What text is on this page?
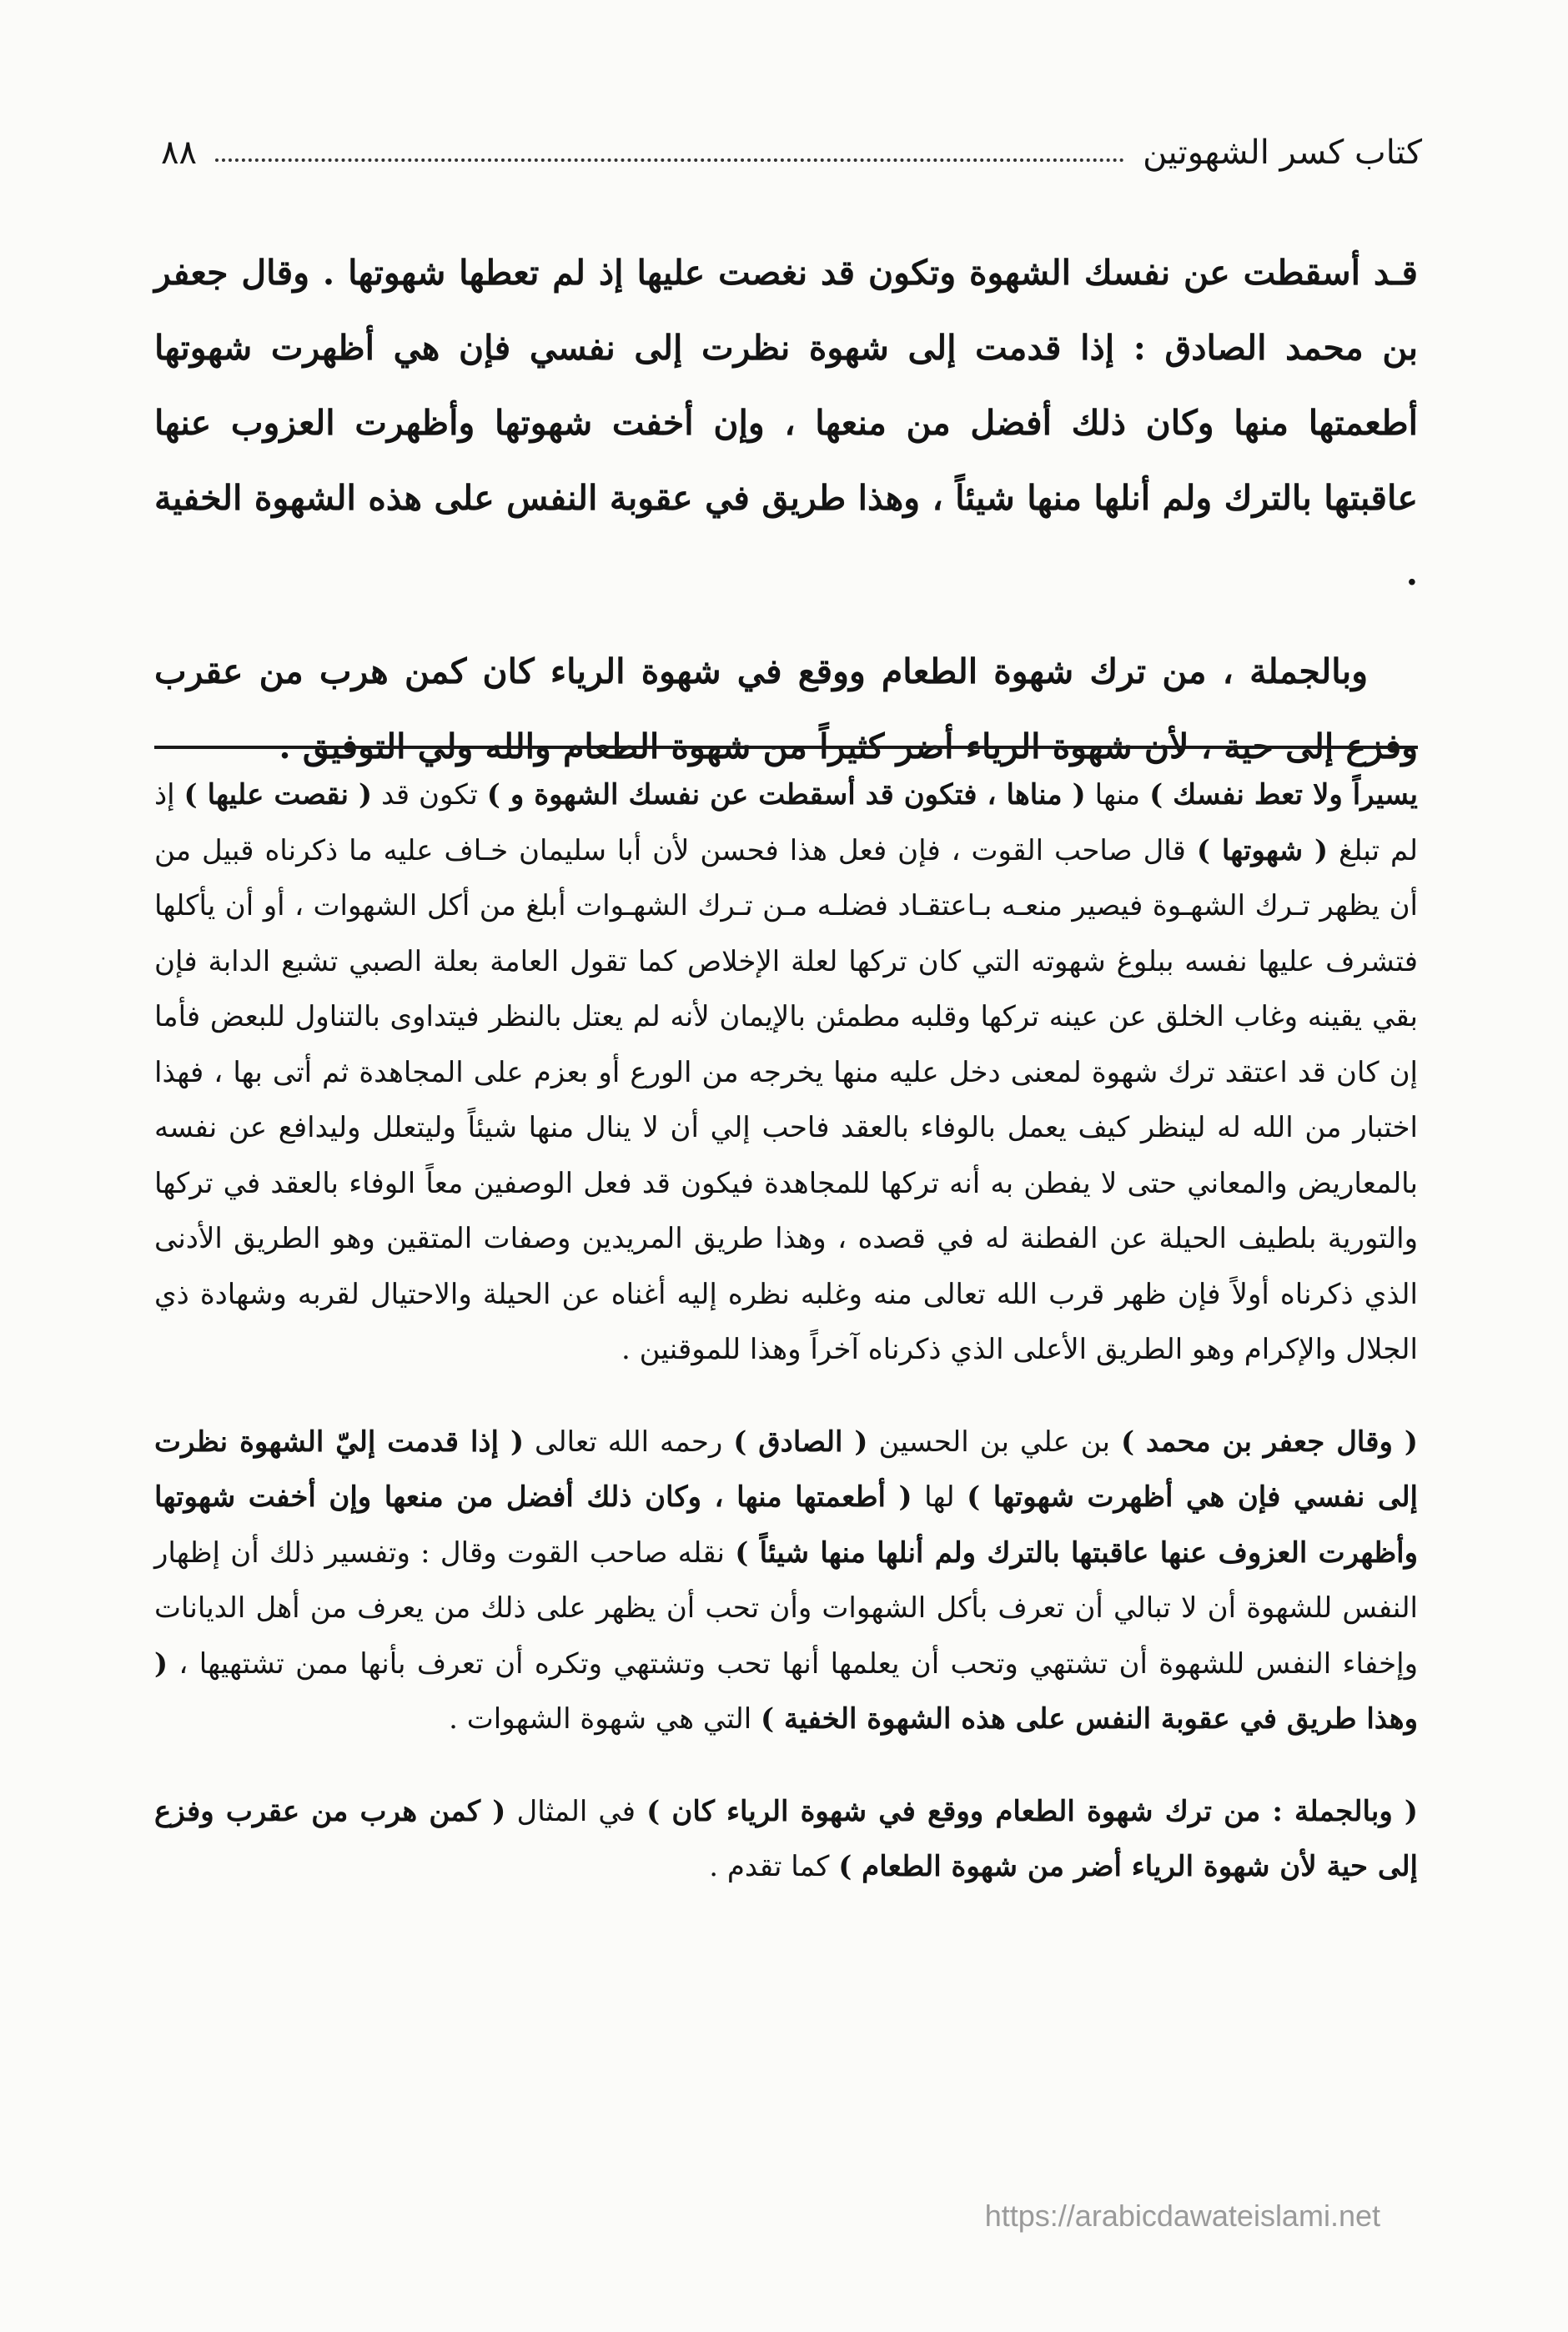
٨٨	كتاب كسر الشهوتين

قـد أسقطت عن نفسك الشهوة وتكون قد نغصت عليها إذ لم تعطها شهوتها . وقال جعفر بن محمد الصادق : إذا قدمت إلى شهوة نظرت إلى نفسي فإن هي أظهرت شهوتها أطعمتها منها وكان ذلك أفضل من منعها ، وإن أخفت شهوتها وأظهرت العزوب عنها عاقبتها بالترك ولم أنلها منها شيئاً ، وهذا طريق في عقوبة النفس على هذه الشهوة الخفية .

وبالجملة ، من ترك شهوة الطعام ووقع في شهوة الرياء كان كمن هرب من عقرب وفزع إلى حية ، لأن شهوة الرياء أضر كثيراً من شهوة الطعام والله ولي التوفيق .

يسيراً ولا تعط نفسك ) منها ( مناها ، فتكون قد أسقطت عن نفسك الشهوة و ) تكون قد ( نقصت عليها ) إذ لم تبلغ ( شهوتها ) قال صاحب القوت ، فإن فعل هذا فحسن لأن أبا سليمان خـاف عليه ما ذكرناه قبيل من أن يظهر تـرك الشهـوة فيصير منعـه بـاعتقـاد فضلـه مـن تـرك الشهـوات أبلغ من أكل الشهوات ، أو أن يأكلها فتشرف عليها نفسه ببلوغ شهوته التي كان تركها لعلة الإخلاص كما تقول العامة بعلة الصبي تشبع الدابة فإن بقي يقينه وغاب الخلق عن عينه تركها وقلبه مطمئن بالإيمان لأنه لم يعتل بالنظر فيتداوى بالتناول للبعض فأما إن كان قد اعتقد ترك شهوة لمعنى دخل عليه منها يخرجه من الورع أو بعزم على المجاهدة ثم أتى بها ، فهذا اختبار من الله له لينظر كيف يعمل بالوفاء بالعقد فاحب إلي أن لا ينال منها شيئاً وليتعلل وليدافع عن نفسه بالمعاريض والمعاني حتى لا يفطن به أنه تركها للمجاهدة فيكون قد فعل الوصفين معاً الوفاء بالعقد في تركها والتورية بلطيف الحيلة عن الفطنة له في قصده ، وهذا طريق المريدين وصفات المتقين وهو الطريق الأدنى الذي ذكرناه أولاً فإن ظهر قرب الله تعالى منه وغلبه نظره إليه أغناه عن الحيلة والاحتيال لقربه وشهادة ذي الجلال والإكرام وهو الطريق الأعلى الذي ذكرناه آخراً وهذا للموقنين .

( وقال جعفر بن محمد ) بن علي بن الحسين ( الصادق ) رحمه الله تعالى ( إذا قدمت إليّ الشهوة نظرت إلى نفسي فإن هي أظهرت شهوتها ) لها ( أطعمتها منها ، وكان ذلك أفضل من منعها وإن أخفت شهوتها وأظهرت العزوف عنها عاقبتها بالترك ولم أنلها منها شيئاً ) نقله صاحب القوت وقال : وتفسير ذلك أن إظهار النفس للشهوة أن لا تبالي أن تعرف بأكل الشهوات وأن تحب أن يظهر على ذلك من يعرف من أهل الديانات وإخفاء النفس للشهوة أن تشتهي وتحب أن يعلمها أنها تحب وتشتهي وتكره أن تعرف بأنها ممن تشتهيها ، ( وهذا طريق في عقوبة النفس على هذه الشهوة الخفية ) التي هي شهوة الشهوات .

( وبالجملة : من ترك شهوة الطعام ووقع في شهوة الرياء كان ) في المثال ( كمن هرب من عقرب وفزع إلى حية لأن شهوة الرياء أضر من شهوة الطعام ) كما تقدم .

https://arabicdawateislami.net
